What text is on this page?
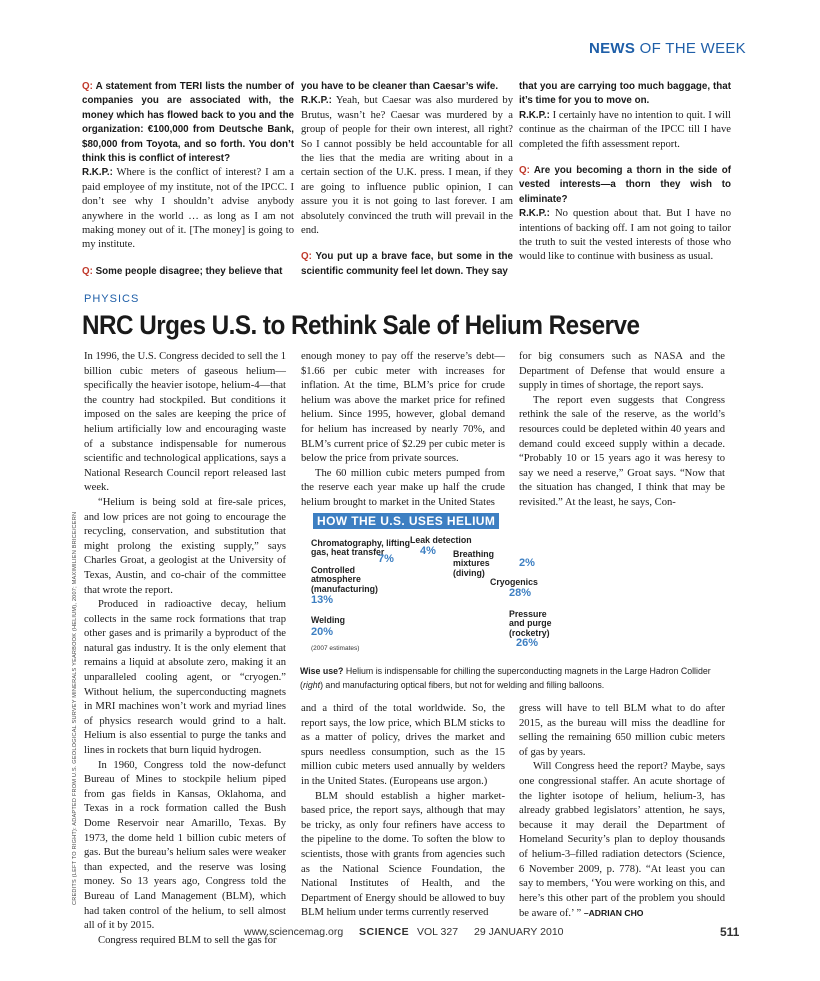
NEWS OF THE WEEK

Q: A statement from TERI lists the number of companies you are associated with, the money which has flowed back to you and the organization: €100,000 from Deutsche Bank, $80,000 from Toyota, and so forth. You don’t think this is conflict of interest?

R.K.P.: Where is the conflict of interest? I am a paid employee of my institute, not of the IPCC. I don’t see why I shouldn’t advise anybody anywhere in the world … as long as I am not making money out of it. [The money] is going to my institute.

Q: Some people disagree; they believe that

you have to be cleaner than Caesar’s wife.

R.K.P.: Yeah, but Caesar was also murdered by Brutus, wasn’t he? Caesar was murdered by a group of people for their own interest, all right? So I cannot possibly be held accountable for all the lies that the media are writing about in a certain section of the U.K. press. I mean, if they are going to influence public opinion, I can assure you it is not going to last forever. I am absolutely convinced the truth will prevail in the end.

Q: You put up a brave face, but some in the scientific community feel let down. They say

that you are carrying too much baggage, that it’s time for you to move on.

R.K.P.: I certainly have no intention to quit. I will continue as the chairman of the IPCC till I have completed the fifth assessment report.

Q: Are you becoming a thorn in the side of vested interests—a thorn they wish to eliminate?

R.K.P.: No question about that. But I have no intentions of backing off. I am not going to tailor the truth to suit the vested interests of those who would like to continue with business as usual.

PHYSICS
NRC Urges U.S. to Rethink Sale of Helium Reserve

In 1996, the U.S. Congress decided to sell the 1 billion cubic meters of gaseous helium—specifically the heavier isotope, helium-4—that the country had stockpiled. But conditions it imposed on the sales are keeping the price of helium artificially low and encouraging waste of a substance indispensable for numerous scientific and technological applications, says a National Research Council report released last week.

“Helium is being sold at fire-sale prices, and low prices are not going to encourage the recycling, conservation, and substitution that might prolong the existing supply,” says Charles Groat, a geologist at the University of Texas, Austin, and co-chair of the committee that wrote the report.

Produced in radioactive decay, helium collects in the same rock formations that trap other gases and is primarily a byproduct of the natural gas industry. It is the only element that remains a liquid at absolute zero, making it an unparalleled cooling agent, or “cryogen.” Without helium, the superconducting magnets in MRI machines won’t work and myriad lines of physics research would grind to a halt. Helium is also essential to purge the tanks and lines in rockets that burn liquid hydrogen.

In 1960, Congress told the now-defunct Bureau of Mines to stockpile helium piped from gas fields in Kansas, Oklahoma, and Texas in a rock formation called the Bush Dome Reservoir near Amarillo, Texas. By 1973, the dome held 1 billion cubic meters of gas. But the bureau’s helium sales were weaker than expected, and the reserve was losing money. So 13 years ago, Congress told the Bureau of Land Management (BLM), which had taken control of the helium, to sell almost all of it by 2015.

Congress required BLM to sell the gas for

enough money to pay off the reserve’s debt—$1.66 per cubic meter with increases for inflation. At the time, BLM’s price for crude helium was above the market price for refined helium. Since 1995, however, global demand for helium has increased by nearly 70%, and BLM’s current price of $2.29 per cubic meter is below the price from private sources.

The 60 million cubic meters pumped from the reserve each year make up half the crude helium brought to market in the United States

for big consumers such as NASA and the Department of Defense that would ensure a supply in times of shortage, the report says.

The report even suggests that Congress rethink the sale of the reserve, as the world’s resources could be depleted within 40 years and demand could exceed supply within a decade. “Probably 10 or 15 years ago it was heresy to say we need a reserve,” Groat says. “Now that the situation has changed, I think that may be revisited.” At the least, he says, Con-

HOW THE U.S. USES HELIUM
Chromatography, lifting gas, heat transfer
7%
Leak detection
4% Breathing mixtures (diving)
2%
Controlled atmosphere (manufacturing)
13%
Cryogenics
28%
Welding
20%
Pressure and purge (rocketry)
26%
(2007 estimates)
Wise use? Helium is indispensable for chilling the superconducting magnets in the Large Hadron Collider (right) and manufacturing optical fibers, but not for welding and filling balloons.

and a third of the total worldwide. So, the report says, the low price, which BLM sticks to as a matter of policy, drives the market and spurs needless consumption, such as the 15 million cubic meters used annually by welders in the United States. (Europeans use argon.)

BLM should establish a higher market-based price, the report says, although that may be tricky, as only four refiners have access to the pipeline to the dome. To soften the blow to scientists, those with grants from agencies such as the National Science Foundation, the National Institutes of Health, and the Department of Energy should be allowed to buy BLM helium under terms currently reserved

gress will have to tell BLM what to do after 2015, as the bureau will miss the deadline for selling the remaining 650 million cubic meters of gas by years.

Will Congress heed the report? Maybe, says one congressional staffer. An acute shortage of the lighter isotope of helium, helium-3, has already grabbed legislators’ attention, he says, because it may derail the Department of Homeland Security’s plan to deploy thousands of helium-3–filled radiation detectors (Science, 6 November 2009, p. 778). “At least you can say to members, ‘You were working on this, and here’s this other part of the problem you should be aware of.’ ” –ADRIAN CHO

CREDITS (LEFT TO RIGHT): ADAPTED FROM U.S. GEOLOGICAL SURVEY MINERALS YEARBOOK (HELIUM), 2007; MAXIMILIEN BRICE/CERN
www.sciencemag.org SCIENCE VOL 327 29 JANUARY 2010	511
